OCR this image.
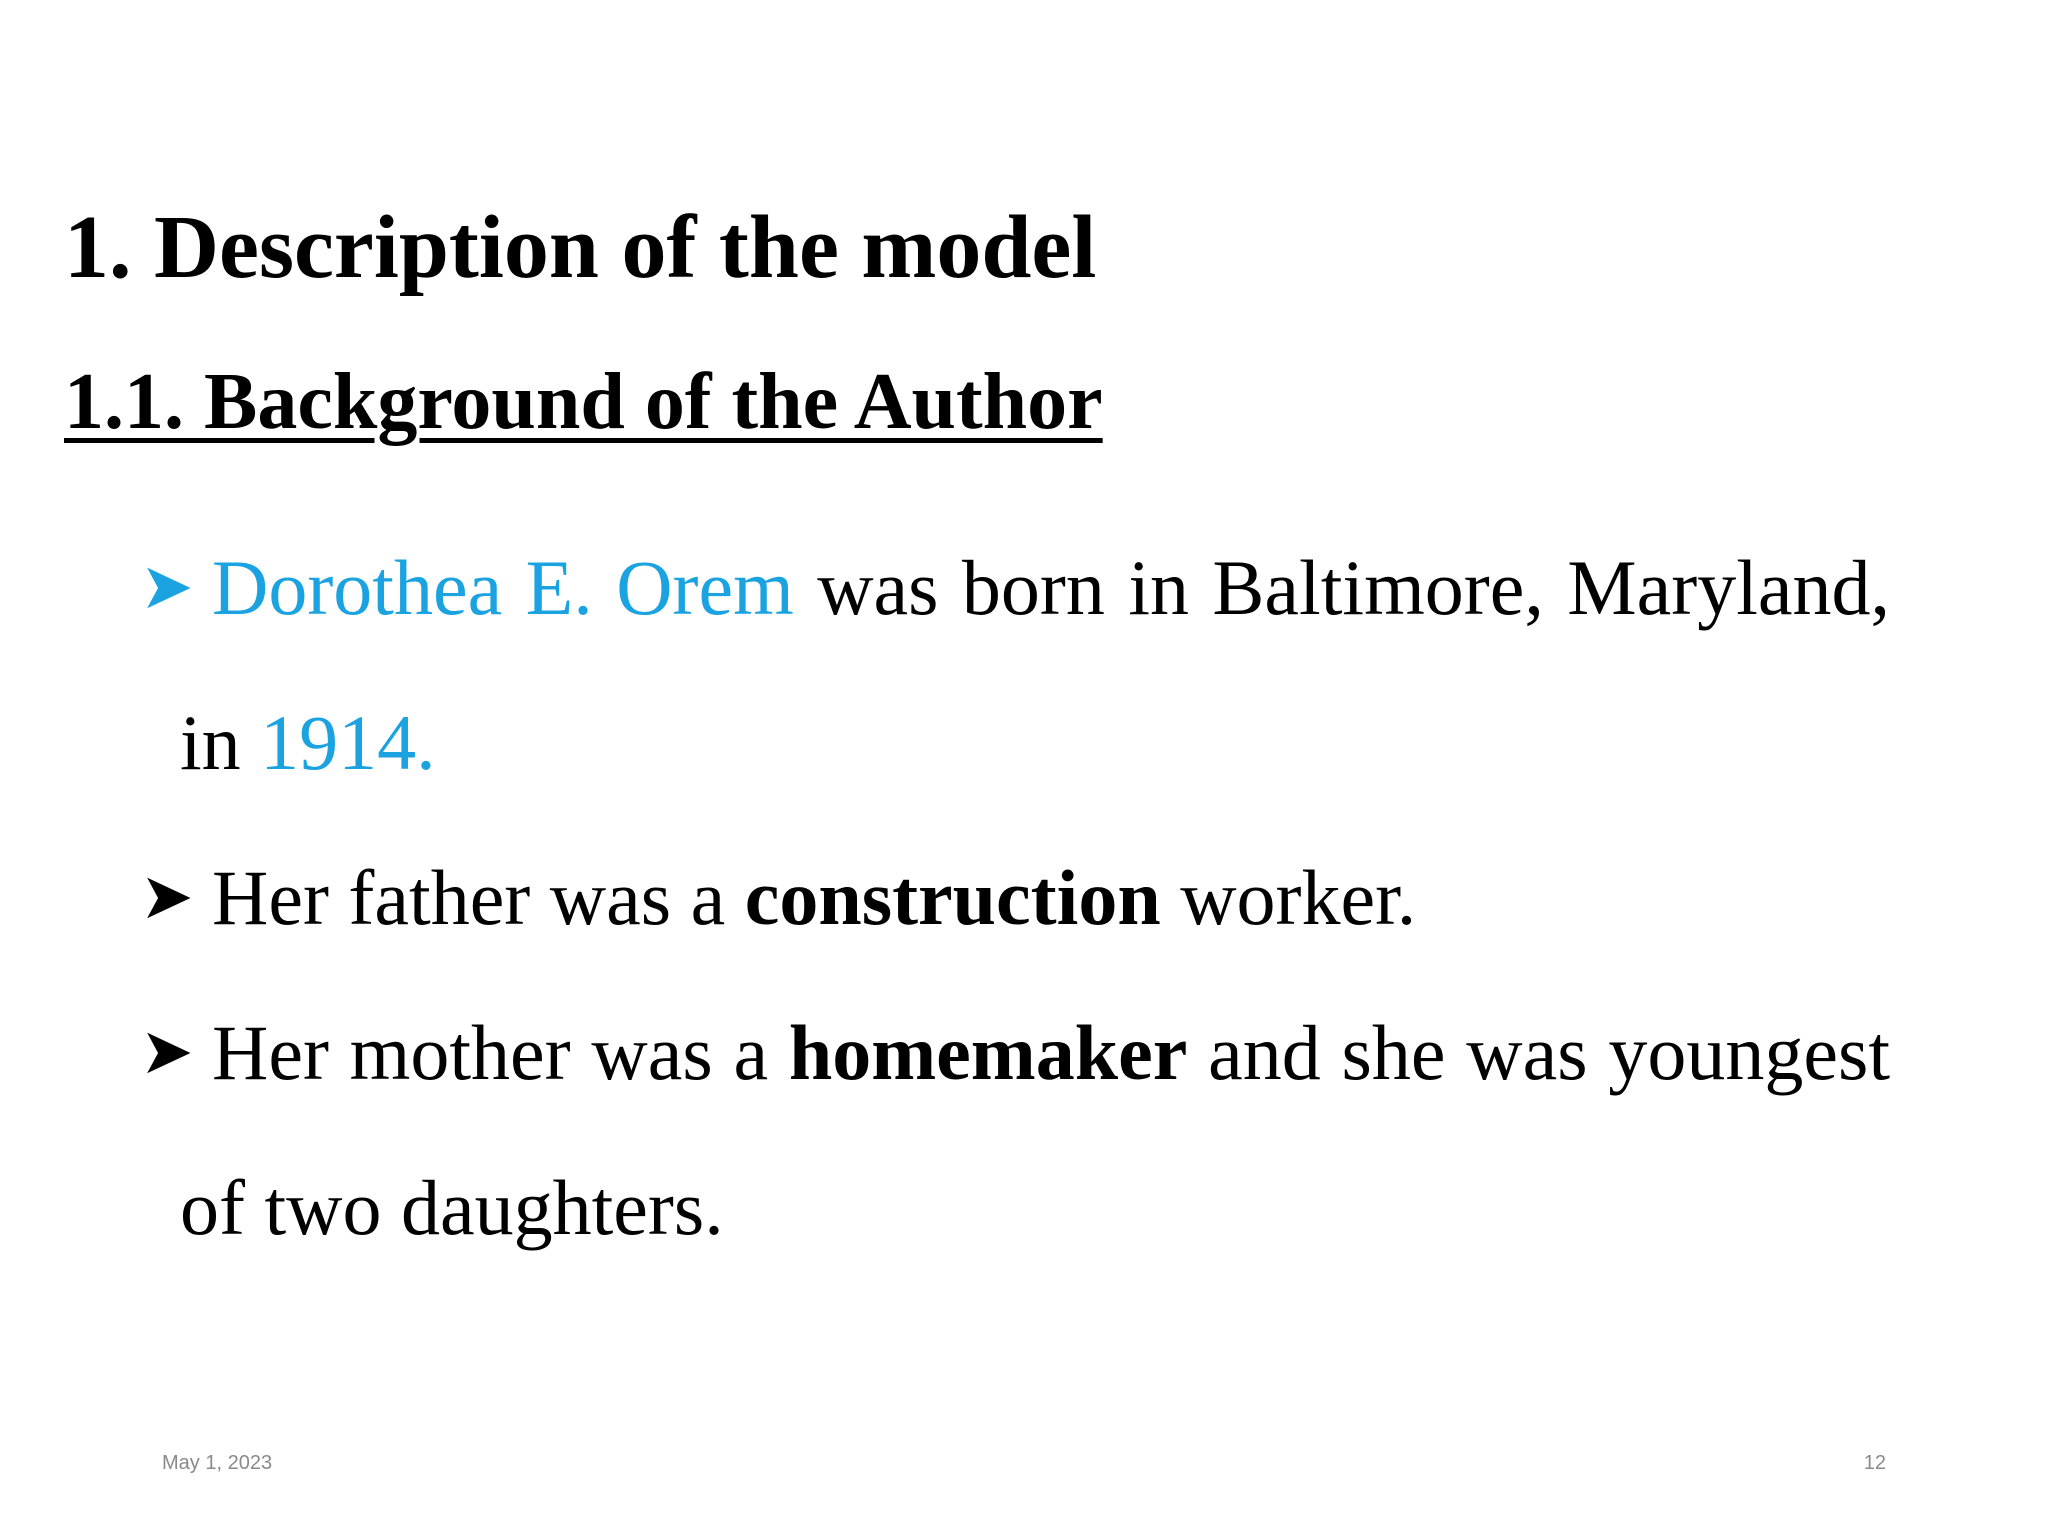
1. Description of the model
1.1. Background of the Author
➤ Dorothea E. Orem was born in Baltimore, Maryland, in 1914.
➤ Her father was a construction worker.
➤ Her mother was a homemaker and she was youngest of two daughters.
May 1, 2023	12
